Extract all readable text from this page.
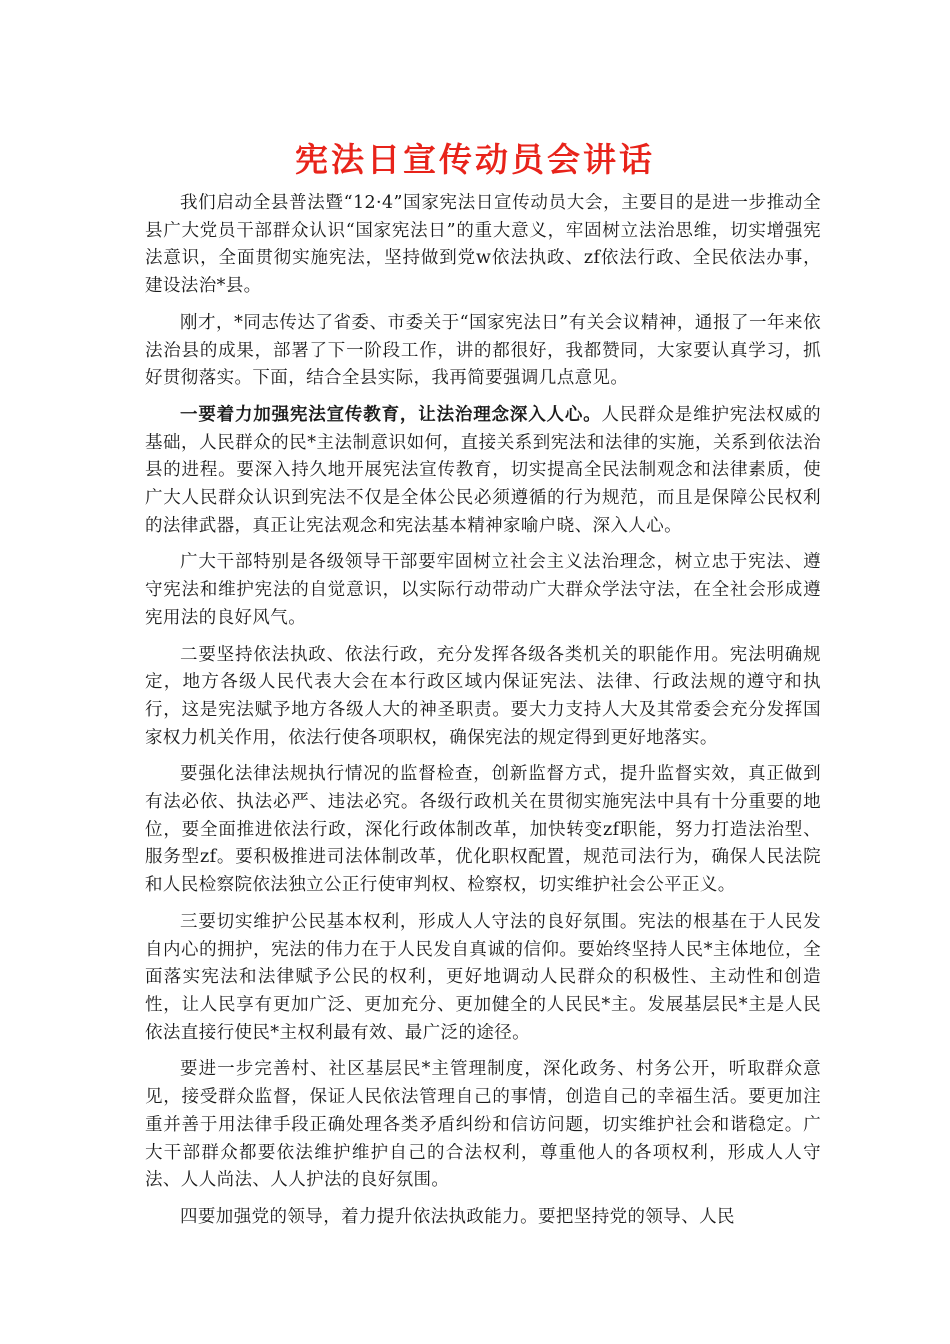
宪法日宣传动员会讲话

我们启动全县普法暨“12·4”国家宪法日宣传动员大会，主要目的是进一步推动全县广大党员干部群众认识“国家宪法日”的重大意义，牢固树立法治思维，切实增强宪法意识，全面贯彻实施宪法，坚持做到党w依法执政、zf依法行政、全民依法办事，建设法治*县。

刚才，*同志传达了省委、市委关于“国家宪法日”有关会议精神，通报了一年来依法治县的成果，部署了下一阶段工作，讲的都很好，我都赞同，大家要认真学习，抓好贯彻落实。下面，结合全县实际，我再简要强调几点意见。

一要着力加强宪法宣传教育，让法治理念深入人心。人民群众是维护宪法权威的基础，人民群众的民*主法制意识如何，直接关系到宪法和法律的实施，关系到依法治县的进程。要深入持久地开展宪法宣传教育，切实提高全民法制观念和法律素质，使广大人民群众认识到宪法不仅是全体公民必须遵循的行为规范，而且是保障公民权利的法律武器，真正让宪法观念和宪法基本精神家喻户晓、深入人心。

广大干部特别是各级领导干部要牢固树立社会主义法治理念，树立忠于宪法、遵守宪法和维护宪法的自觉意识，以实际行动带动广大群众学法守法，在全社会形成遵宪用法的良好风气。

二要坚持依法执政、依法行政，充分发挥各级各类机关的职能作用。宪法明确规定，地方各级人民代表大会在本行政区域内保证宪法、法律、行政法规的遵守和执行，这是宪法赋予地方各级人大的神圣职责。要大力支持人大及其常委会充分发挥国家权力机关作用，依法行使各项职权，确保宪法的规定得到更好地落实。

要强化法律法规执行情况的监督检查，创新监督方式，提升监督实效，真正做到有法必依、执法必严、违法必究。各级行政机关在贯彻实施宪法中具有十分重要的地位，要全面推进依法行政，深化行政体制改革，加快转变zf职能，努力打造法治型、服务型zf。要积极推进司法体制改革，优化职权配置，规范司法行为，确保人民法院和人民检察院依法独立公正行使审判权、检察权，切实维护社会公平正义。

三要切实维护公民基本权利，形成人人守法的良好氛围。宪法的根基在于人民发自内心的拥护，宪法的伟力在于人民发自真诚的信仰。要始终坚持人民*主体地位，全面落实宪法和法律赋予公民的权利，更好地调动人民群众的积极性、主动性和创造性，让人民享有更加广泛、更加充分、更加健全的人民民*主。发展基层民*主是人民依法直接行使民*主权利最有效、最广泛的途径。

要进一步完善村、社区基层民*主管理制度，深化政务、村务公开，听取群众意见，接受群众监督，保证人民依法管理自己的事情，创造自己的幸福生活。要更加注重并善于用法律手段正确处理各类矛盾纠纷和信访问题，切实维护社会和谐稳定。广大干部群众都要依法维护维护自己的合法权利，尊重他人的各项权利，形成人人守法、人人尚法、人人护法的良好氛围。

四要加强党的领导，着力提升依法执政能力。要把坚持党的领导、人民
